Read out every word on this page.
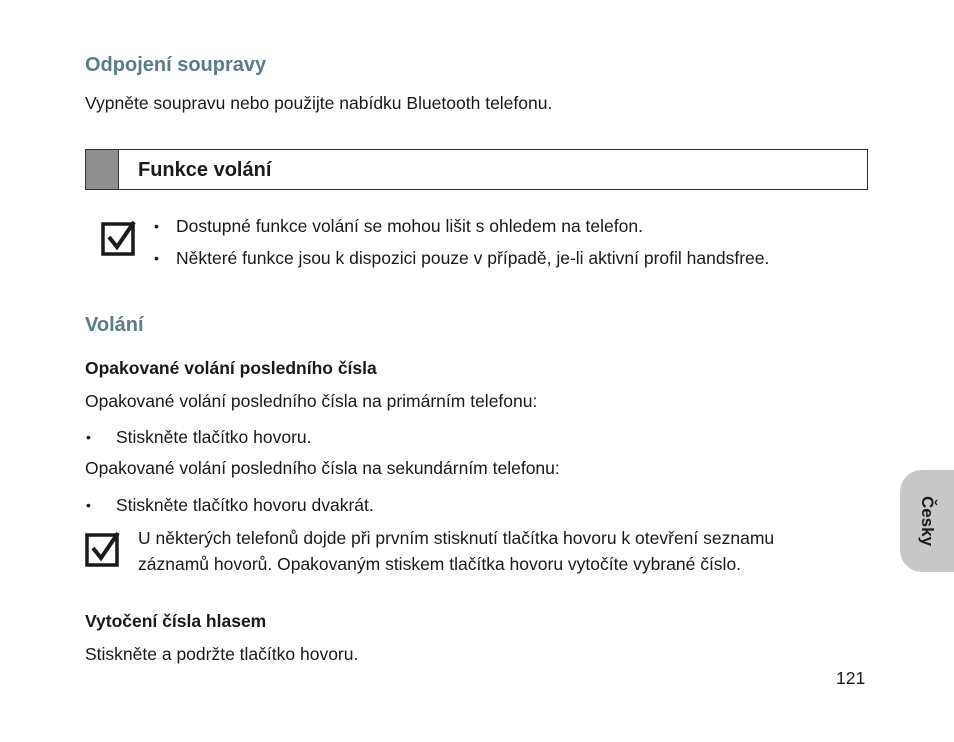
Odpojení soupravy
Vypněte soupravu nebo použijte nabídku Bluetooth telefonu.
Funkce volání
• Dostupné funkce volání se mohou lišit s ohledem na telefon.
• Některé funkce jsou k dispozici pouze v případě, je-li aktivní profil handsfree.
Volání
Opakované volání posledního čísla
Opakované volání posledního čísla na primárním telefonu:
• Stiskněte tlačítko hovoru.
Opakované volání posledního čísla na sekundárním telefonu:
• Stiskněte tlačítko hovoru dvakrát.
U některých telefonů dojde při prvním stisknutí tlačítka hovoru k otevření seznamu
záznamů hovorů. Opakovaným stiskem tlačítka hovoru vytočíte vybrané číslo.
Vytočení čísla hlasem
Stiskněte a podržte tlačítko hovoru.
Česky
121
